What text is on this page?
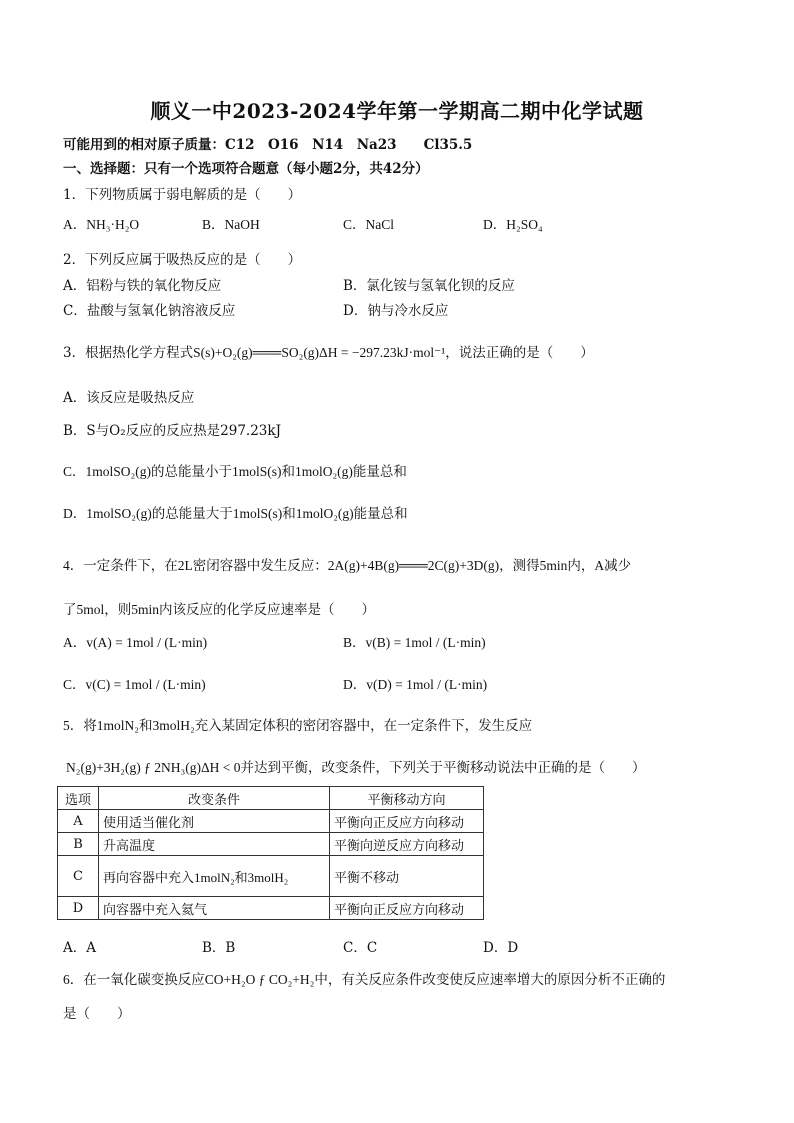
顺义一中2023-2024学年第一学期高二期中化学试题
可能用到的相对原子质量：C12　O16　N14　Na23　　Cl35.5
一、选择题：只有一个选项符合题意（每小题2分，共42分）
1．下列物质属于弱电解质的是（　　）
A．NH₃·H₂O	B．NaOH	C．NaCl	D．H₂SO₄
2．下列反应属于吸热反应的是（　　）
A．铝粉与铁的氧化物反应	B．氯化铵与氢氧化钡的反应
C．盐酸与氢氧化钠溶液反应	D．钠与冷水反应
3．根据热化学方程式S(s)+O₂(g)═══SO₂(g)ΔH = −297.23kJ·mol⁻¹，说法正确的是（　　）
A．该反应是吸热反应
B．S与O₂反应的反应热是297.23kJ
C．1molSO₂(g)的总能量小于1molS(s)和1molO₂(g)能量总和
D．1molSO₂(g)的总能量大于1molS(s)和1molO₂(g)能量总和
4．一定条件下，在2L密闭容器中发生反应：2A(g)+4B(g)═══2C(g)+3D(g)，测得5min内，A减少
了5mol，则5min内该反应的化学反应速率是（　　）
A．v(A) = 1mol / (L·min)	B．v(B) = 1mol / (L·min)
C．v(C) = 1mol / (L·min)	D．v(D) = 1mol / (L·min)
5．将1molN₂和3molH₂充入某固定体积的密闭容器中，在一定条件下，发生反应
N₂(g)+3H₂(g) ƒ 2NH₃(g)ΔH < 0并达到平衡，改变条件，下列关于平衡移动说法中正确的是（　　）
选项	改变条件	平衡移动方向
A	使用适当催化剂	平衡向正反应方向移动
B	升高温度	平衡向逆反应方向移动
C	再向容器中充入1molN₂和3molH₂	平衡不移动
D	向容器中充入氦气	平衡向正反应方向移动
A．A	B．B	C．C	D．D
6．在一氧化碳变换反应CO+H₂O ƒ CO₂+H₂中，有关反应条件改变使反应速率增大的原因分析不正确的
是（　　）
